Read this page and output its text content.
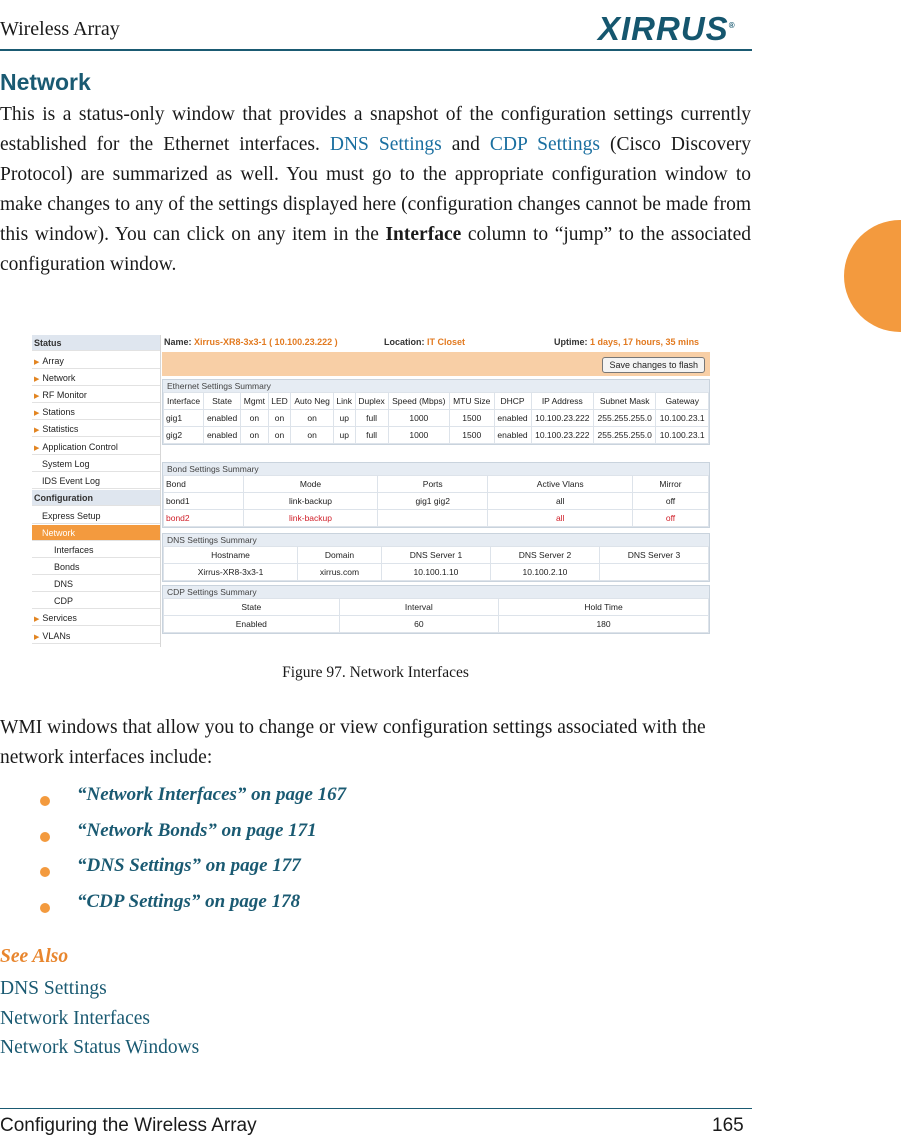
Wireless Array	XIRRUS®
Network
This is a status-only window that provides a snapshot of the configuration settings currently established for the Ethernet interfaces. DNS Settings and CDP Settings (Cisco Discovery Protocol) are summarized as well. You must go to the appropriate configuration window to make changes to any of the settings displayed here (configuration changes cannot be made from this window). You can click on any item in the Interface column to “jump” to the associated configuration window.
Status
▶ Array
▶ Network
▶ RF Monitor
▶ Stations
▶ Statistics
▶ Application Control
System Log
IDS Event Log
Configuration
Express Setup
Network
Interfaces
Bonds
DNS
CDP
▶ Services
▶ VLANs
Name: Xirrus-XR8-3x3-1 ( 10.100.23.222 )	Location: IT Closet	Uptime: 1 days, 17 hours, 35 mins
Save changes to flash
Ethernet Settings Summary
Interface	State	Mgmt	LED	Auto Neg	Link	Duplex	Speed (Mbps)	MTU Size	DHCP	IP Address	Subnet Mask	Gateway
gig1	enabled	on	on	on	up	full	1000	1500	enabled	10.100.23.222	255.255.255.0	10.100.23.1
gig2	enabled	on	on	on	up	full	1000	1500	enabled	10.100.23.222	255.255.255.0	10.100.23.1
Bond Settings Summary
Bond	Mode	Ports	Active Vlans	Mirror
bond1	link-backup	gig1 gig2	all	off
bond2	link-backup		all	off
DNS Settings Summary
Hostname	Domain	DNS Server 1	DNS Server 2	DNS Server 3
Xirrus-XR8-3x3-1	xirrus.com	10.100.1.10	10.100.2.10	
CDP Settings Summary
State	Interval	Hold Time
Enabled	60	180
Figure 97. Network Interfaces
WMI windows that allow you to change or view configuration settings associated with the network interfaces include:
“Network Interfaces” on page 167
“Network Bonds” on page 171
“DNS Settings” on page 177
“CDP Settings” on page 178
See Also
DNS Settings
Network Interfaces
Network Status Windows
Configuring the Wireless Array	165
